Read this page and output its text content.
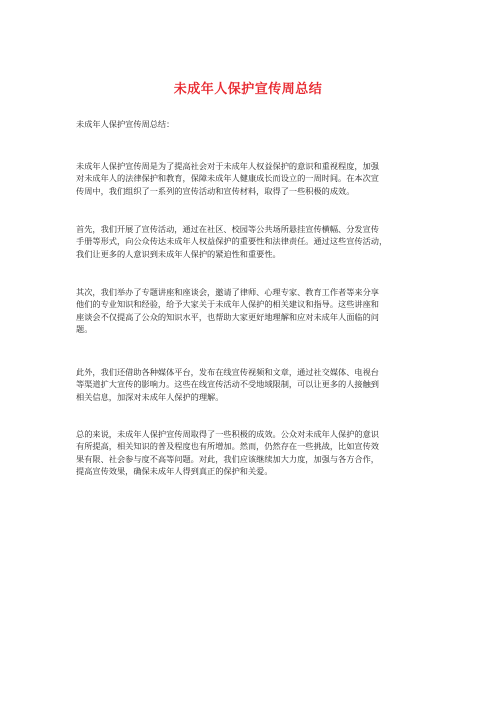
未成年人保护宣传周总结
未成年人保护宣传周总结：
未成年人保护宣传周是为了提高社会对于未成年人权益保护的意识和重视程度，加强
对未成年人的法律保护和教育，保障未成年人健康成长而设立的一周时间。在本次宣
传周中，我们组织了一系列的宣传活动和宣传材料，取得了一些积极的成效。
首先，我们开展了宣传活动，通过在社区、校园等公共场所悬挂宣传横幅、分发宣传
手册等形式，向公众传达未成年人权益保护的重要性和法律责任。通过这些宣传活动，
我们让更多的人意识到未成年人保护的紧迫性和重要性。
其次，我们举办了专题讲座和座谈会，邀请了律师、心理专家、教育工作者等来分享
他们的专业知识和经验，给予大家关于未成年人保护的相关建议和指导。这些讲座和
座谈会不仅提高了公众的知识水平，也帮助大家更好地理解和应对未成年人面临的问
题。
此外，我们还借助各种媒体平台，发布在线宣传视频和文章，通过社交媒体、电视台
等渠道扩大宣传的影响力。这些在线宣传活动不受地域限制，可以让更多的人接触到
相关信息，加深对未成年人保护的理解。
总的来说，未成年人保护宣传周取得了一些积极的成效。公众对未成年人保护的意识
有所提高，相关知识的普及程度也有所增加。然而，仍然存在一些挑战，比如宣传效
果有限、社会参与度不高等问题。对此，我们应该继续加大力度，加强与各方合作，
提高宣传效果，确保未成年人得到真正的保护和关爱。
